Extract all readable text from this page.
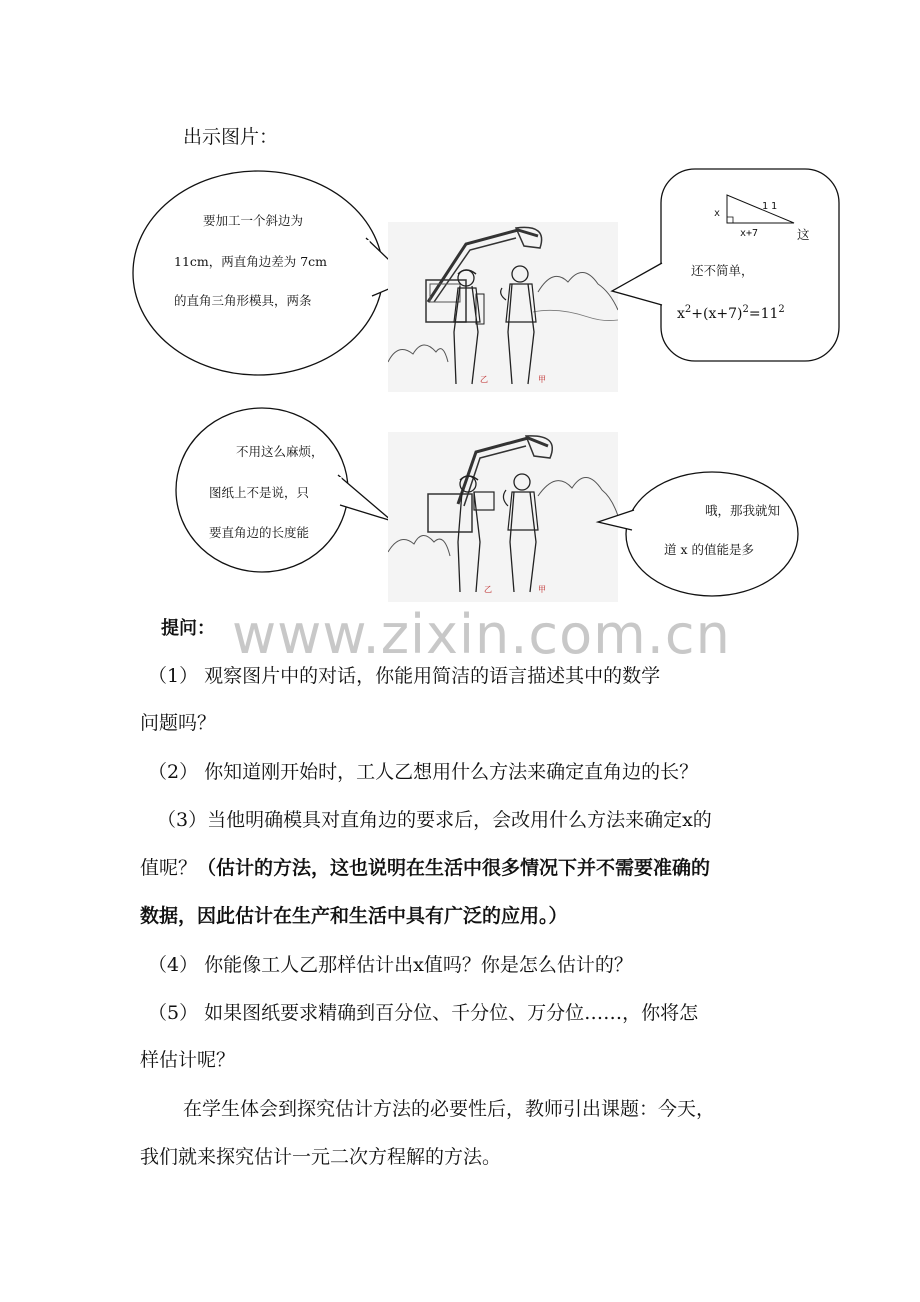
出示图片：
要加工一个斜边为
11cm，两直角边差为 7cm
的直角三角形模具，两条
乙	甲
x
11
x+7	这
还不简单，
$x^2+(x+7)^2=11^2$
不用这么麻烦，
图纸上不是说，只
要直角边的长度能
乙	甲
哦，那我就知
道 x 的值能是多
www.zixin.com.cn
提问：
（1） 观察图片中的对话，你能用简洁的语言描述其中的数学
问题吗？
（2） 你知道刚开始时，工人乙想用什么方法来确定直角边的长？
（3）当他明确模具对直角边的要求后，会改用什么方法来确定x的
值呢？（估计的方法，这也说明在生活中很多情况下并不需要准确的
数据，因此估计在生产和生活中具有广泛的应用。）
（4） 你能像工人乙那样估计出x值吗？你是怎么估计的？
（5） 如果图纸要求精确到百分位、千分位、万分位……，你将怎
样估计呢？
在学生体会到探究估计方法的必要性后，教师引出课题：今天，
我们就来探究估计一元二次方程解的方法。
